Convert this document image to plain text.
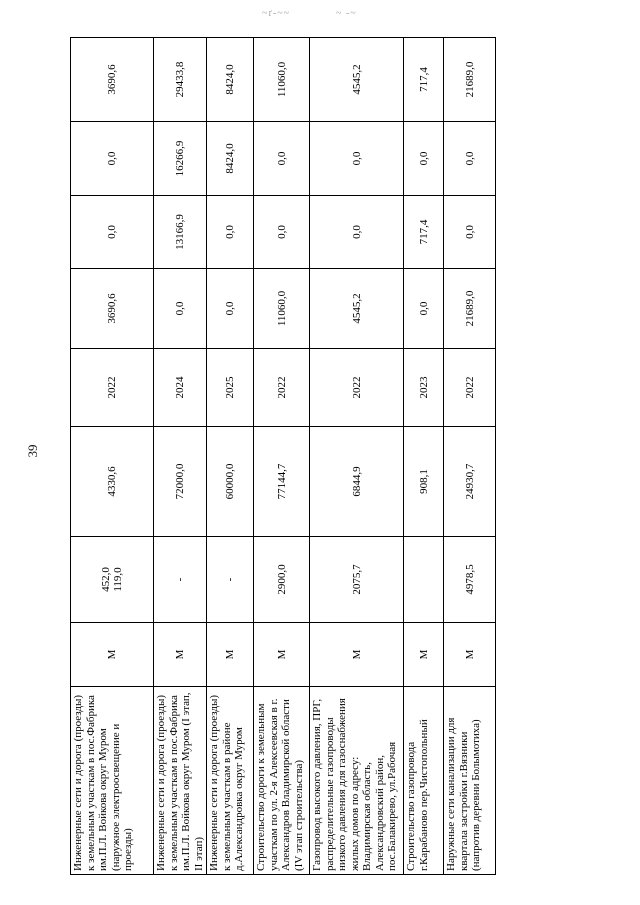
~ґ-~~	~ -~
39
Инженерные сети и дорога (проезды) к земельным участкам в пос.Фабрика им.П.Л. Войкова округ Муром (наружное электроосвещение и проезды)	М	452,0 119,0	4330,6	2022	3690,6	0,0	0,0	3690,6
Инженерные сети и дорога (проезды) к земельным участкам в пос.Фабрика им.П.Л. Войкова округ Муром (I этап, II этап)	М	-	72000,0	2024	0,0	13166,9	16266,9	29433,8
Инженерные сети и дорога (проезды) к земельным участкам в районе д.Александровка округ Муром	М	-	60000,0	2025	0,0	0,0	8424,0	8424,0
Строительство дороги к земельным участкам по ул. 2-я Алексеевская в г. Александров Владимирской области (IV этап строительства)	М	2900,0	77144,7	2022	11060,0	0,0	0,0	11060,0
Газопровод высокого давления, ПРГ, распределительные газопроводы низкого давления для газоснабжения жилых домов по адресу: Владимирская область, Александровский район, пос.Балакирево, ул.Рабочая	М	2075,7	6844,9	2022	4545,2	0,0	0,0	4545,2
Строительство газопровода г.Карабаново пер.Чистопольный	М		908,1	2023	0,0	717,4	0,0	717,4
Наружные сети канализации для квартала застройки г.Вязники (напротив деревни Болымотиха)	М	4978,5	24930,7	2022	21689,0	0,0	0,0	21689,0
